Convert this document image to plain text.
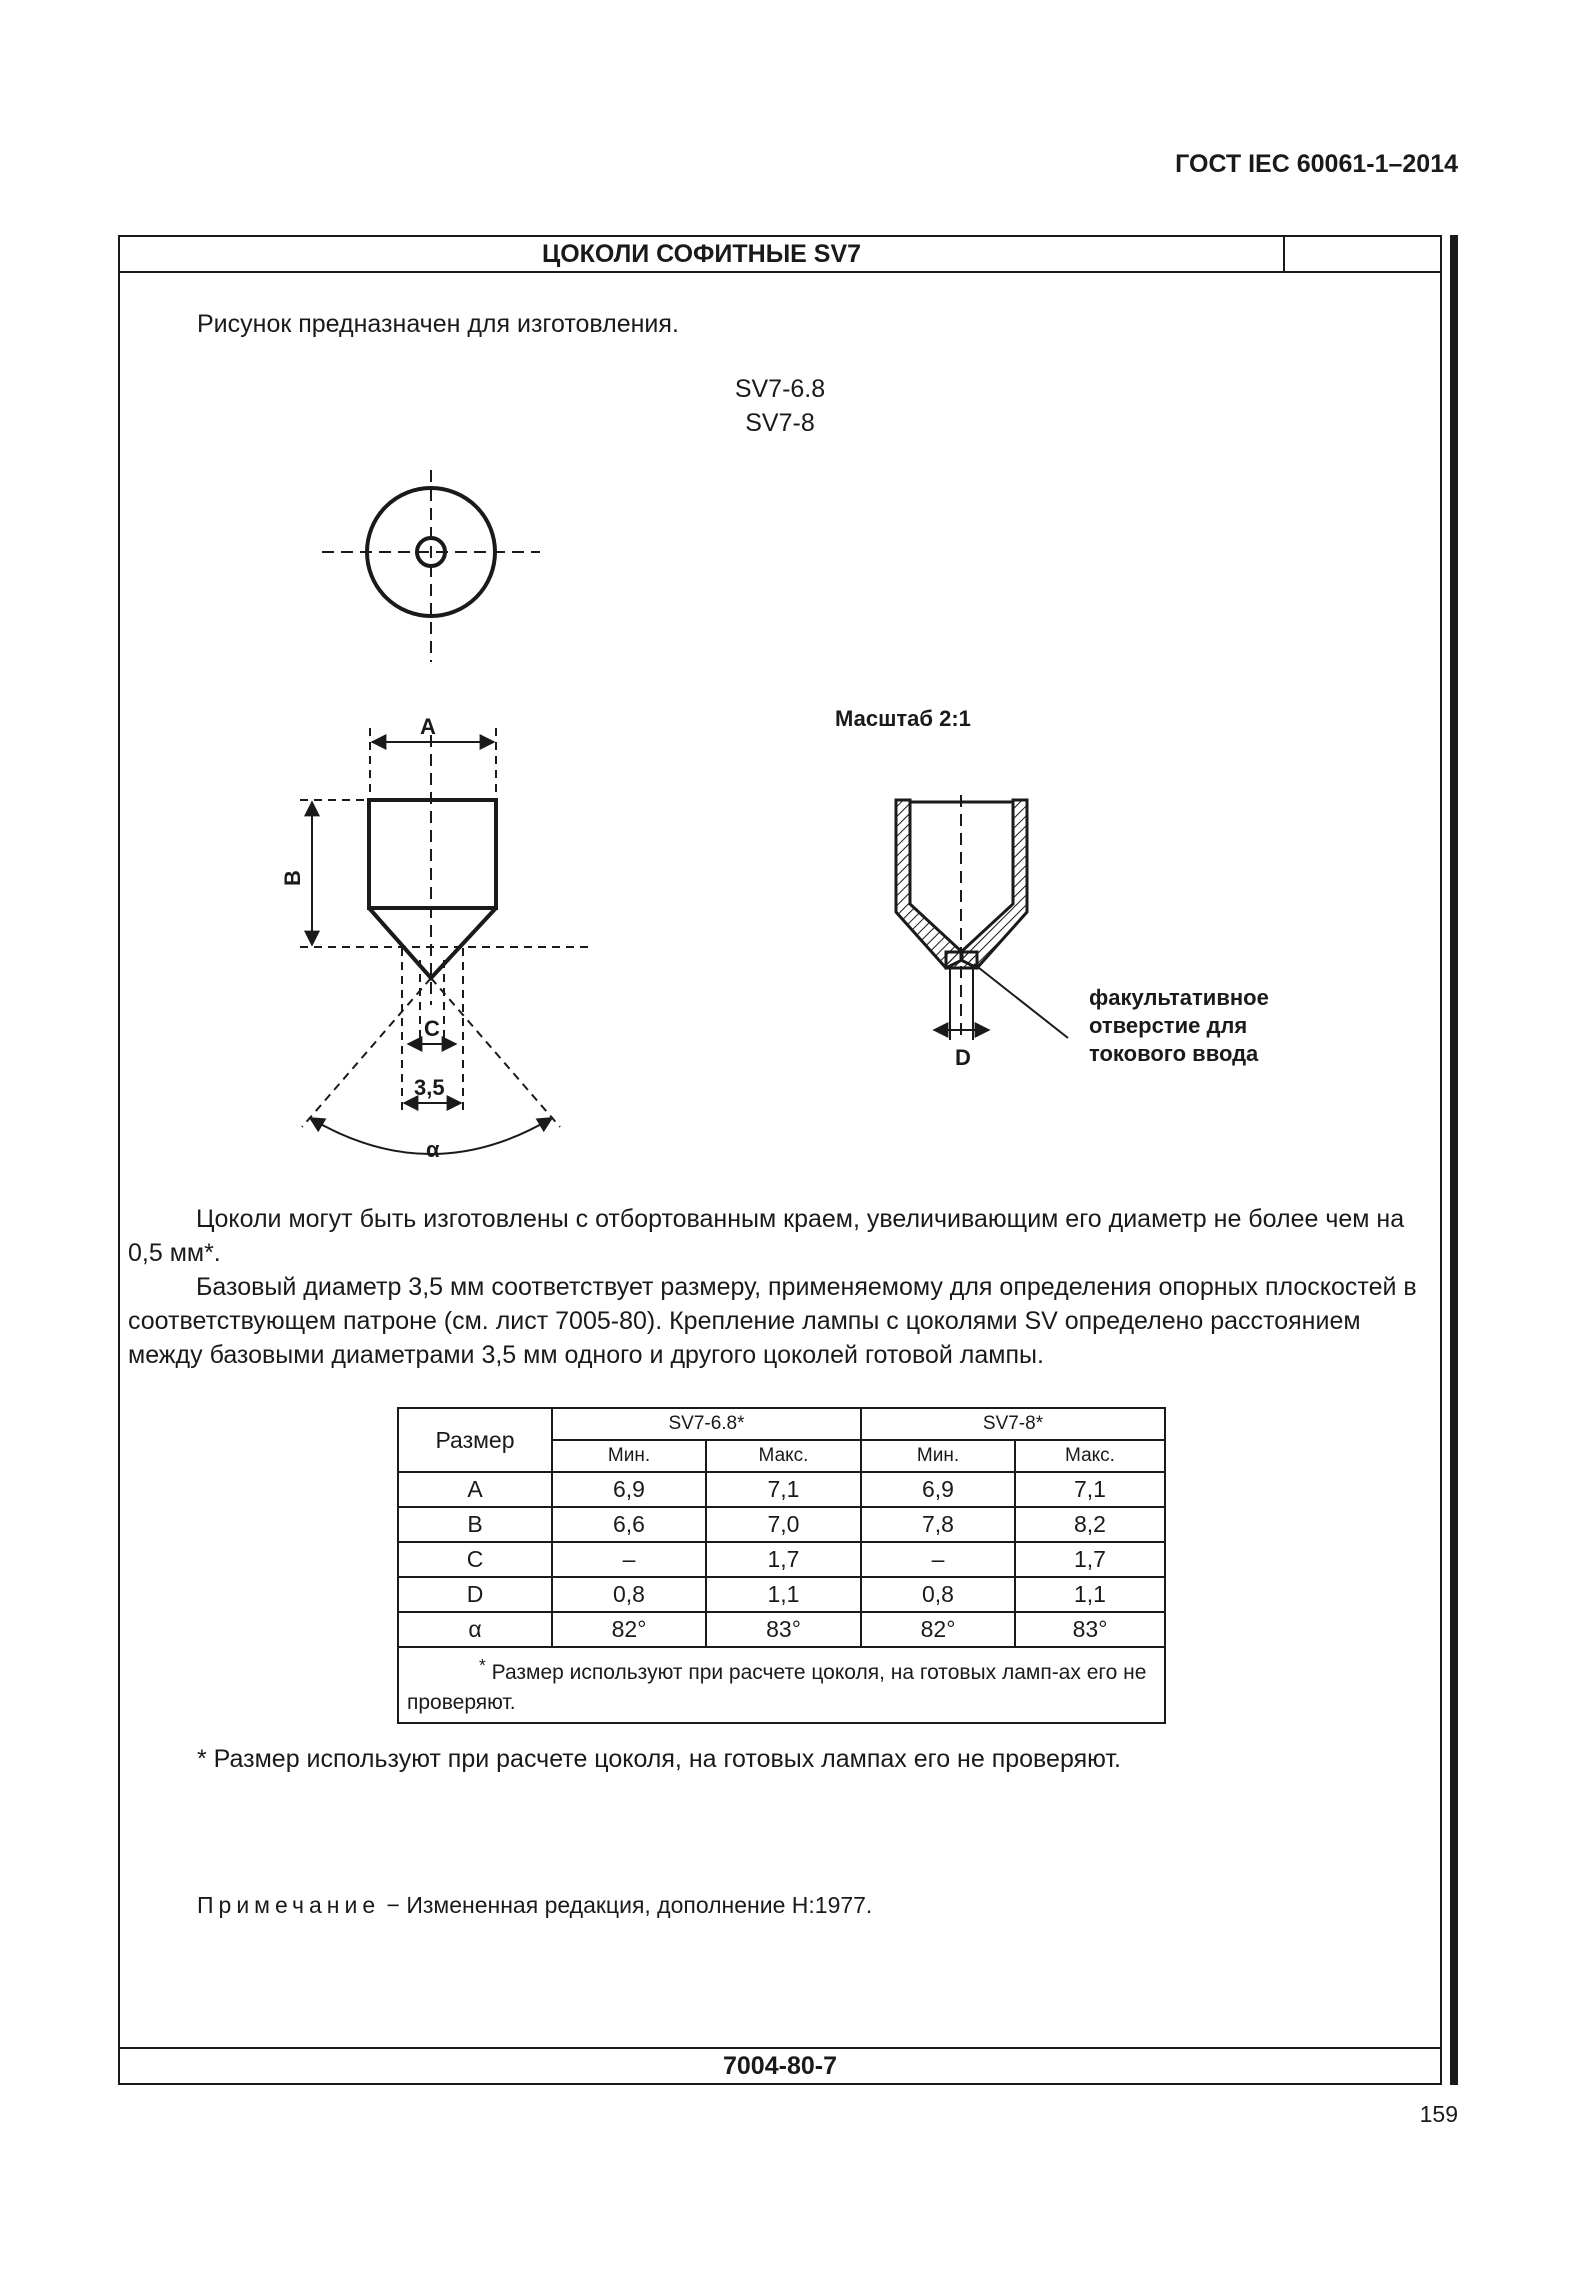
ГОСТ IEC 60061-1–2014
ЦОКОЛИ СОФИТНЫЕ SV7
7004-80-7
Рисунок предназначен для изготовления.
SV7-6.8
SV7-8
A
B
C
3,5
α
D
Масштаб 2:1
факультативное
отверстие для
токового ввода

Цоколи могут быть изготовлены с отбортованным краем, увеличивающим его диаметр не более чем на 0,5 мм*.

Базовый диаметр 3,5 мм соответствует размеру, применяемому для определения опорных плоскостей в соответствующем патроне (см. лист 7005-80). Крепление лампы с цоколями SV определено расстоянием между базовыми диаметрами 3,5 мм одного и другого цоколей готовой лампы.

Размер	SV7-6.8*		SV7-8*	
	Мин.	Макс.	Мин.	Макс.
A	6,9	7,1	6,9	7,1
B	6,6	7,0	7,8	8,2
C	–	1,7	–	1,7
D	0,8	1,1	0,8	1,1
α	82°	83°	82°	83°
* Размер используют при расчете цоколя, на готовых ламп-ах его не проверяют.				
* Размер используют при расчете цоколя, на готовых лампах его не проверяют.
Примечание − Измененная редакция, дополнение H:1977.
159
